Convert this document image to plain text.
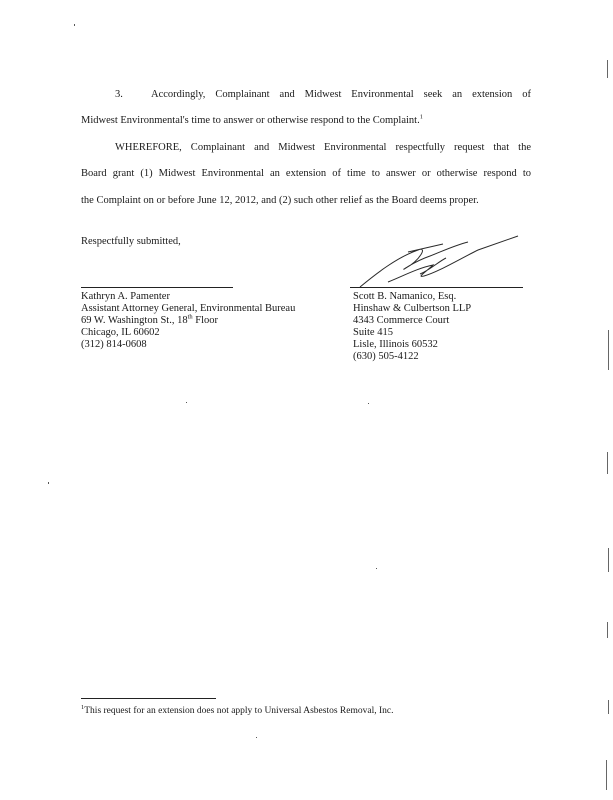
3.	Accordingly, Complainant and Midwest Environmental seek an extension of
Midwest Environmental's time to answer or otherwise respond to the Complaint.$^1$
WHEREFORE, Complainant and Midwest Environmental respectfully request that the
Board grant (1) Midwest Environmental an extension of time to answer or otherwise respond to
the Complaint on or before June 12, 2012, and (2) such other relief as the Board deems proper.
Respectfully submitted,
Kathryn A. Pamenter
Assistant Attorney General, Environmental Bureau
69 W. Washington St., 18th Floor
Chicago, IL 60602
(312) 814-0608
Scott B. Namanico, Esq.
Hinshaw & Culbertson LLP
4343 Commerce Court
Suite 415
Lisle, Illinois 60532
(630) 505-4122
$^1$This request for an extension does not apply to Universal Asbestos Removal, Inc.
